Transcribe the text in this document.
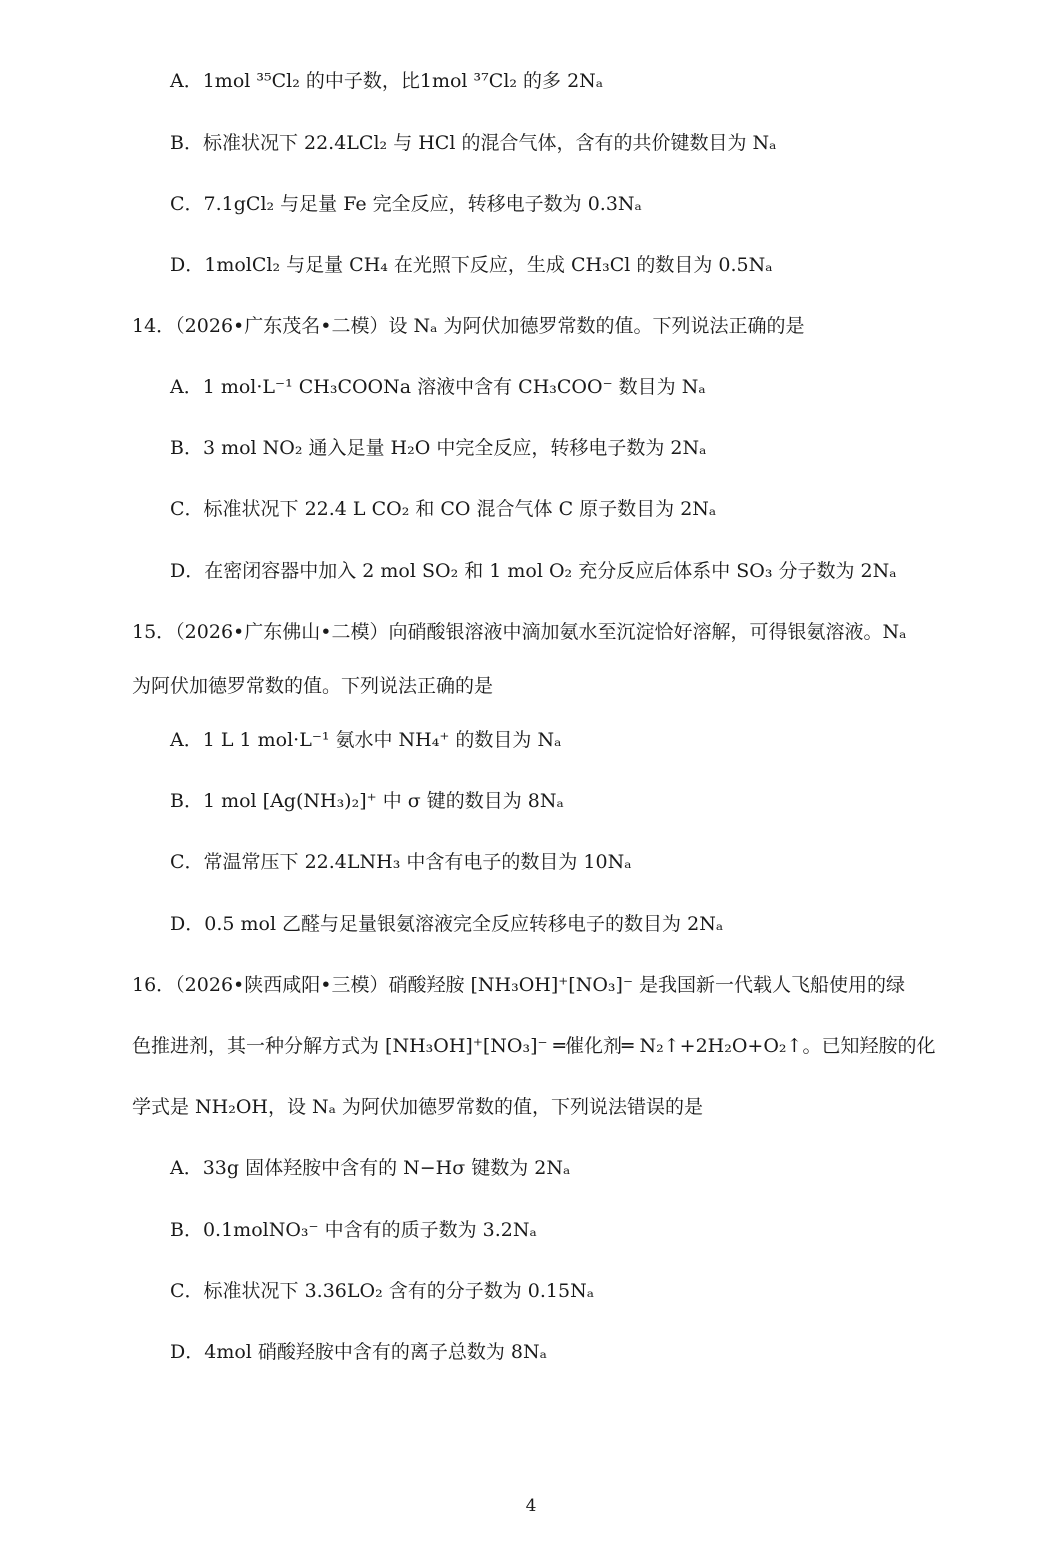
A．1mol ³⁵Cl₂ 的中子数，比1mol ³⁷Cl₂ 的多 2Nₐ
B．标准状况下 22.4LCl₂ 与 HCl 的混合气体，含有的共价键数目为 Nₐ
C．7.1gCl₂ 与足量 Fe 完全反应，转移电子数为 0.3Nₐ
D．1molCl₂ 与足量 CH₄ 在光照下反应，生成 CH₃Cl 的数目为 0.5Nₐ
14．（2026•广东茂名•二模）设 Nₐ 为阿伏加德罗常数的值。下列说法正确的是
A．1 mol·L⁻¹ CH₃COONa 溶液中含有 CH₃COO⁻ 数目为 Nₐ
B．3 mol NO₂ 通入足量 H₂O 中完全反应，转移电子数为 2Nₐ
C．标准状况下 22.4 L CO₂ 和 CO 混合气体 C 原子数目为 2Nₐ
D．在密闭容器中加入 2 mol SO₂ 和 1 mol O₂ 充分反应后体系中 SO₃ 分子数为 2Nₐ
15．（2026•广东佛山•二模）向硝酸银溶液中滴加氨水至沉淀恰好溶解，可得银氨溶液。Nₐ
为阿伏加德罗常数的值。下列说法正确的是
A．1 L 1 mol·L⁻¹ 氨水中 NH₄⁺ 的数目为 Nₐ
B．1 mol [Ag(NH₃)₂]⁺ 中 σ 键的数目为 8Nₐ
C．常温常压下 22.4LNH₃ 中含有电子的数目为 10Nₐ
D．0.5 mol 乙醛与足量银氨溶液完全反应转移电子的数目为 2Nₐ
16．（2026•陕西咸阳•三模）硝酸羟胺 [NH₃OH]⁺[NO₃]⁻ 是我国新一代载人飞船使用的绿
色推进剂，其一种分解方式为 [NH₃OH]⁺[NO₃]⁻ ═催化剂═ N₂↑+2H₂O+O₂↑。已知羟胺的化
学式是 NH₂OH，设 Nₐ 为阿伏加德罗常数的值，下列说法错误的是
A．33g 固体羟胺中含有的 N−Hσ 键数为 2Nₐ
B．0.1molNO₃⁻ 中含有的质子数为 3.2Nₐ
C．标准状况下 3.36LO₂ 含有的分子数为 0.15Nₐ
D．4mol 硝酸羟胺中含有的离子总数为 8Nₐ
4
